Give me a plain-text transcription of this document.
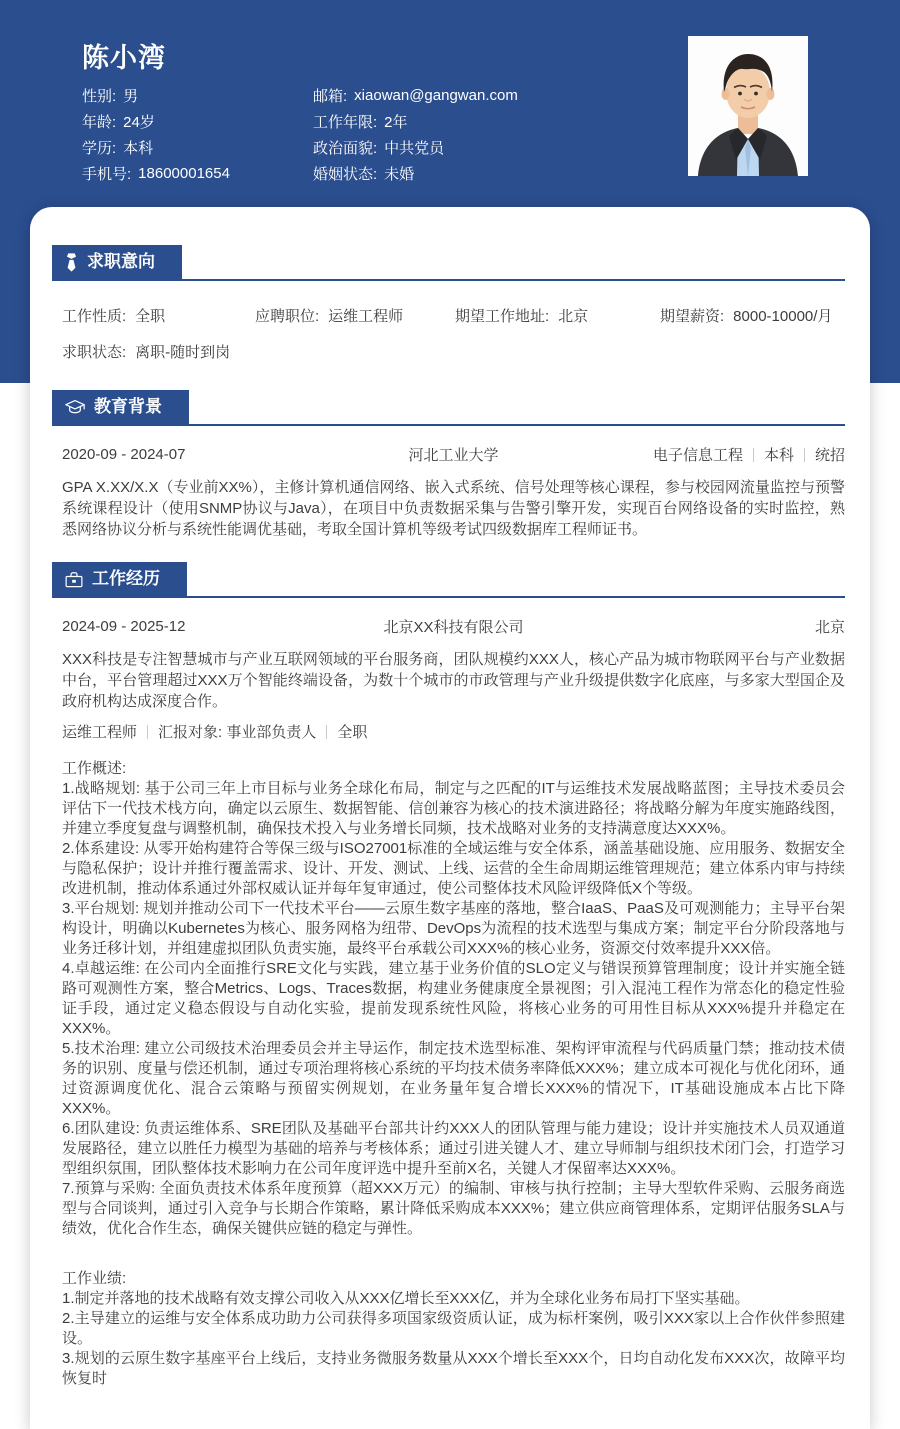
陈小湾
性别: 男
年龄: 24岁
学历: 本科
手机号: 18600001654
邮箱: xiaowan@gangwan.com
工作年限: 2年
政治面貌: 中共党员
婚姻状态: 未婚
求职意向
工作性质: 全职	应聘职位: 运维工程师	期望工作地址: 北京	期望薪资: 8000-10000/月
求职状态: 离职-随时到岗
教育背景
2020-09 - 2024-07	河北工业大学	电子信息工程 本科 统招

GPA X.XX/X.X（专业前XX%），主修计算机通信网络、嵌入式系统、信号处理等核心课程，参与校园网流量监控与预警系统课程设计（使用SNMP协议与Java），在项目中负责数据采集与告警引擎开发，实现百台网络设备的实时监控，熟悉网络协议分析与系统性能调优基础，考取全国计算机等级考试四级数据库工程师证书。

工作经历
2024-09 - 2025-12	北京XX科技有限公司	北京

XXX科技是专注智慧城市与产业互联网领域的平台服务商，团队规模约XXX人，核心产品为城市物联网平台与产业数据中台，平台管理超过XXX万个智能终端设备，为数十个城市的市政管理与产业升级提供数字化底座，与多家大型国企及政府机构达成深度合作。

运维工程师 汇报对象: 事业部负责人 全职
工作概述:
1.战略规划: 基于公司三年上市目标与业务全球化布局，制定与之匹配的IT与运维技术发展战略蓝图；主导技术委员会评估下一代技术栈方向，确定以云原生、数据智能、信创兼容为核心的技术演进路径；将战略分解为年度实施路线图，并建立季度复盘与调整机制，确保技术投入与业务增长同频，技术战略对业务的支持满意度达XXX%。
2.体系建设: 从零开始构建符合等保三级与ISO27001标准的全域运维与安全体系，涵盖基础设施、应用服务、数据安全与隐私保护；设计并推行覆盖需求、设计、开发、测试、上线、运营的全生命周期运维管理规范；建立体系内审与持续改进机制，推动体系通过外部权威认证并每年复审通过，使公司整体技术风险评级降低X个等级。
3.平台规划: 规划并推动公司下一代技术平台——云原生数字基座的落地，整合IaaS、PaaS及可观测能力；主导平台架构设计，明确以Kubernetes为核心、服务网格为纽带、DevOps为流程的技术选型与集成方案；制定平台分阶段落地与业务迁移计划，并组建虚拟团队负责实施，最终平台承载公司XXX%的核心业务，资源交付效率提升XXX倍。
4.卓越运维: 在公司内全面推行SRE文化与实践，建立基于业务价值的SLO定义与错误预算管理制度；设计并实施全链路可观测性方案，整合Metrics、Logs、Traces数据，构建业务健康度全景视图；引入混沌工程作为常态化的稳定性验证手段，通过定义稳态假设与自动化实验，提前发现系统性风险，将核心业务的可用性目标从XXX%提升并稳定在XXX%。
5.技术治理: 建立公司级技术治理委员会并主导运作，制定技术选型标准、架构评审流程与代码质量门禁；推动技术债务的识别、度量与偿还机制，通过专项治理将核心系统的平均技术债务率降低XXX%；建立成本可视化与优化闭环，通过资源调度优化、混合云策略与预留实例规划，在业务量年复合增长XXX%的情况下，IT基础设施成本占比下降XXX%。
6.团队建设: 负责运维体系、SRE团队及基础平台部共计约XXX人的团队管理与能力建设；设计并实施技术人员双通道发展路径，建立以胜任力模型为基础的培养与考核体系；通过引进关键人才、建立导师制与组织技术闭门会，打造学习型组织氛围，团队整体技术影响力在公司年度评选中提升至前X名，关键人才保留率达XXX%。
7.预算与采购: 全面负责技术体系年度预算（超XXX万元）的编制、审核与执行控制；主导大型软件采购、云服务商选型与合同谈判，通过引入竞争与长期合作策略，累计降低采购成本XXX%；建立供应商管理体系，定期评估服务SLA与绩效，优化合作生态，确保关键供应链的稳定与弹性。
工作业绩:
1.制定并落地的技术战略有效支撑公司收入从XXX亿增长至XXX亿，并为全球化业务布局打下坚实基础。
2.主导建立的运维与安全体系成功助力公司获得多项国家级资质认证，成为标杆案例，吸引XXX家以上合作伙伴参照建设。
3.规划的云原生数字基座平台上线后，支持业务微服务数量从XXX个增长至XXX个，日均自动化发布XXX次，故障平均恢复时
